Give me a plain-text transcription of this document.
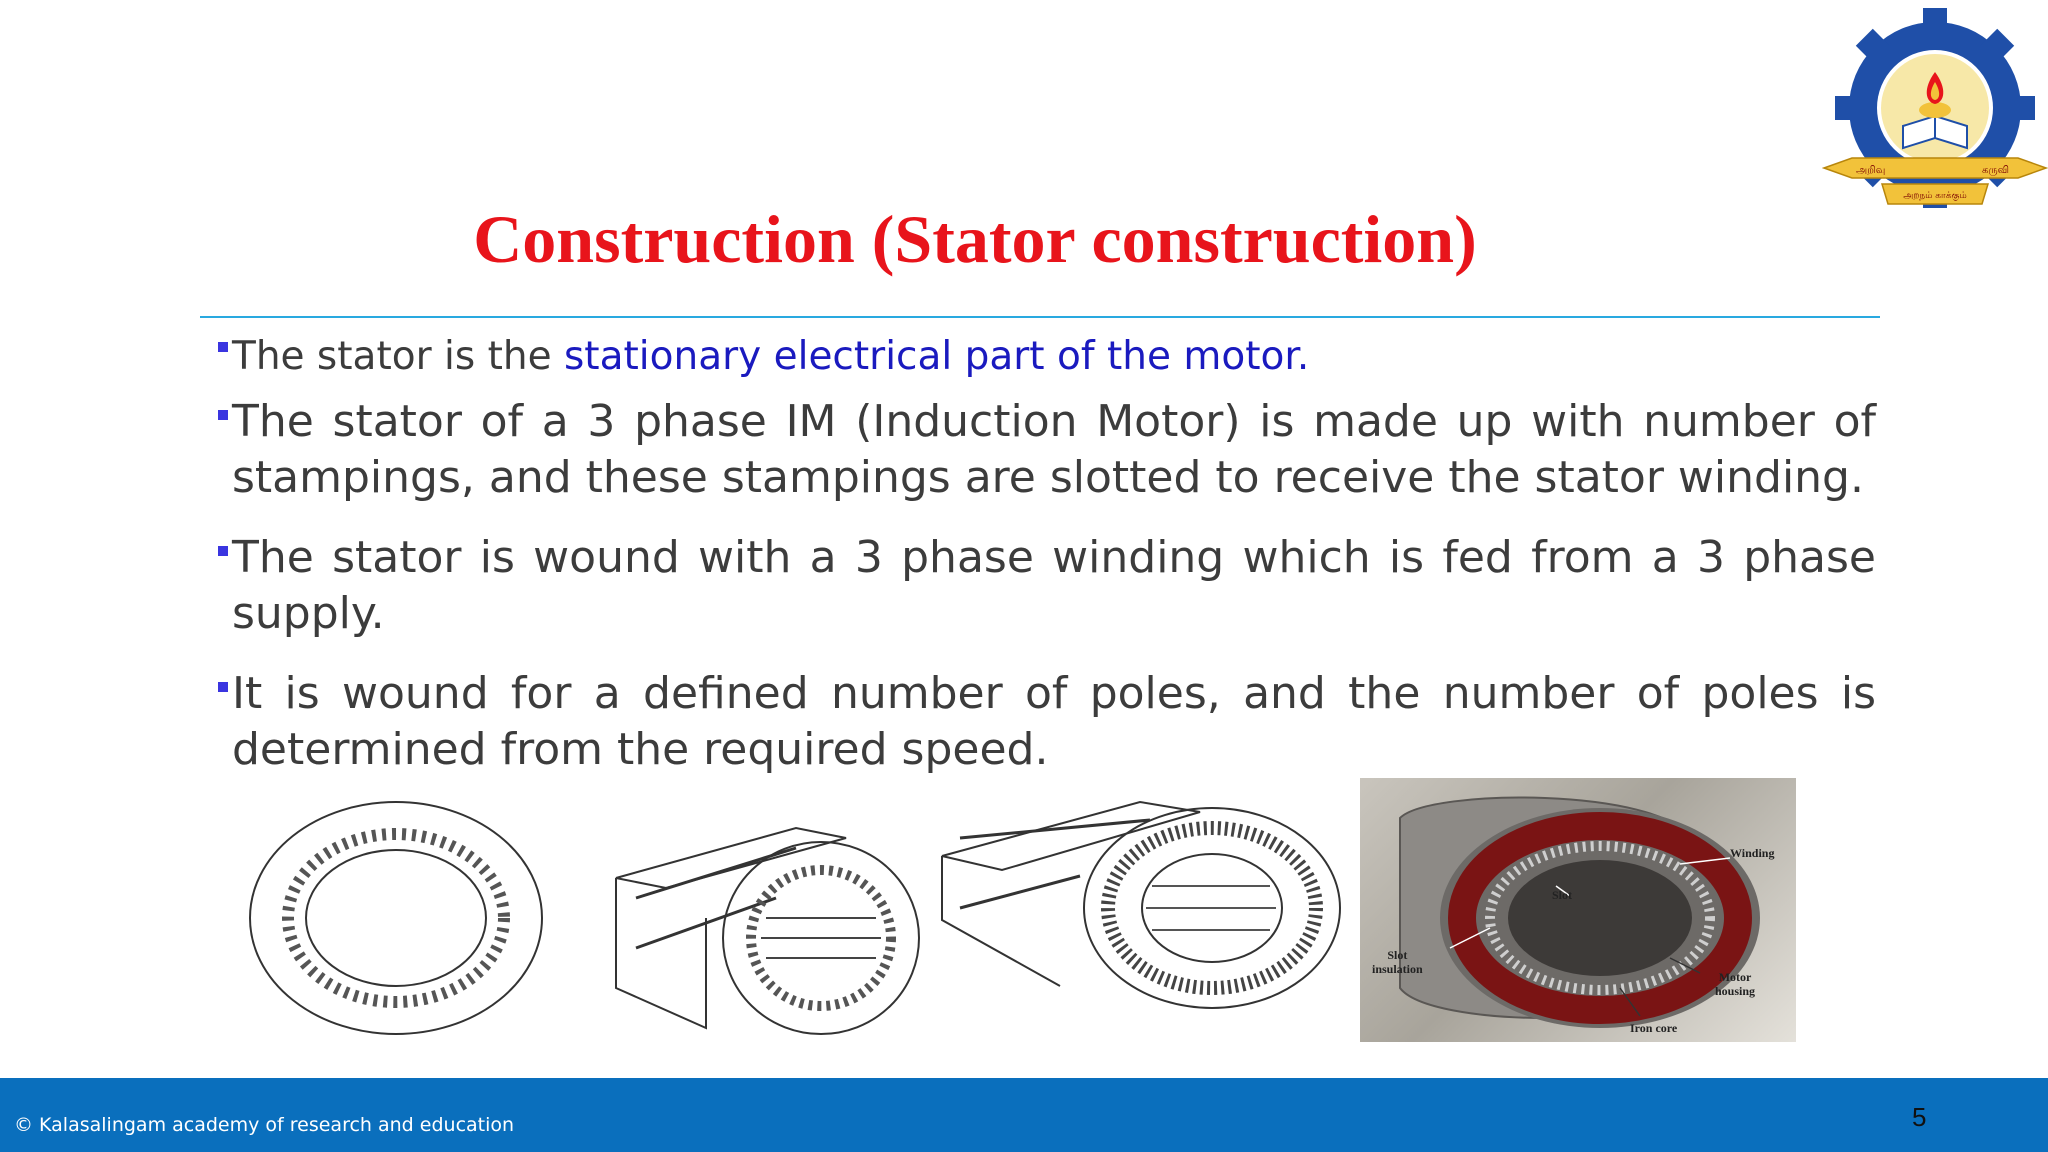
அறிவு	கருவி
அறநம் காக்கும்
Construction (Stator construction)
The stator is the stationary electrical part of the motor.
The stator of a 3 phase IM (Induction Motor) is made up with number of stampings, and these stampings are slotted to receive the stator winding.
The stator is wound with a 3 phase winding which is fed from a 3 phase supply.
It is wound for a defined number of poles, and the number of poles is determined from the required speed.
Winding
Slot
Slot
insulation
Motor
housing
Iron core
© Kalasalingam academy of research and education	5
